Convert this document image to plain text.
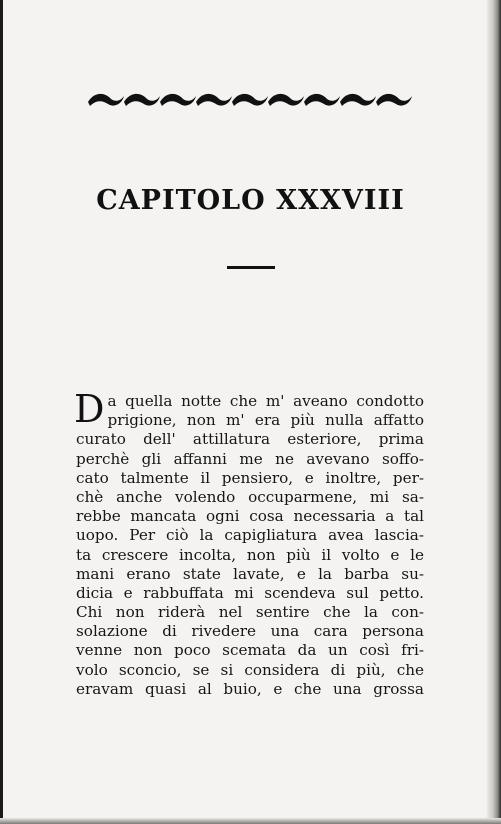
CAPITOLO XXXVIII
D a quella notte che m' aveano condotto
prigione, non m' era più nulla affatto
curato dell' attillatura esteriore, prima
perchè gli affanni me ne avevano soffo-
cato talmente il pensiero, e inoltre, per-
chè anche volendo occuparmene, mi sa-
rebbe mancata ogni cosa necessaria a tal
uopo. Per ciò la capigliatura avea lascia-
ta crescere incolta, non più il volto e le
mani erano state lavate, e la barba su-
dicia e rabbuffata mi scendeva sul petto.
Chi non riderà nel sentire che la con-
solazione di rivedere una cara persona
venne non poco scemata da un così fri-
volo sconcio, se si considera di più, che
eravam quasi al buio, e che una grossa
